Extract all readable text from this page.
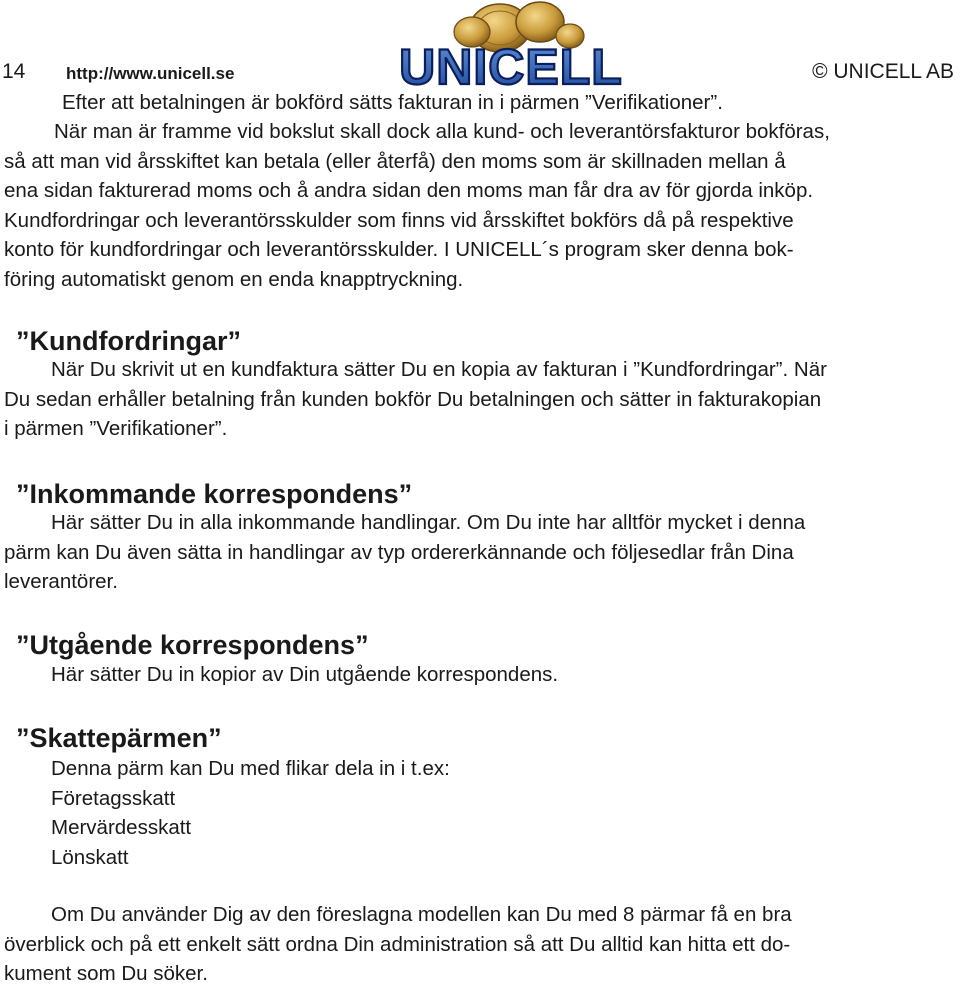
14 http://www.unicell.se	UNICELL	© UNICELL AB
Efter att betalningen är bokförd sätts fakturan in i pärmen ”Verifikationer”.
När man är framme vid bokslut skall dock alla kund- och leverantörsfakturor bokföras,
så att man vid årsskiftet kan betala (eller återfå) den moms som är skillnaden mellan å
ena sidan fakturerad moms och å andra sidan den moms man får dra av för gjorda inköp.
Kundfordringar och leverantörsskulder som finns vid årsskiftet bokförs då på respektive
konto för kundfordringar och leverantörsskulder. I UNICELL´s program sker denna bok-
föring automatiskt genom en enda knapptryckning.
”Kundfordringar”
När Du skrivit ut en kundfaktura sätter Du en kopia av fakturan i ”Kundfordringar”. När
Du sedan erhåller betalning från kunden bokför Du betalningen och sätter in fakturakopian
i pärmen ”Verifikationer”.
”Inkommande korrespondens”
Här sätter Du in alla inkommande handlingar. Om Du inte har alltför mycket i denna
pärm kan Du även sätta in handlingar av typ ordererkännande och följesedlar från Dina
leverantörer.
”Utgående korrespondens”
Här sätter Du in kopior av Din utgående korrespondens.
”Skattepärmen”
Denna pärm kan Du med flikar dela in i t.ex:
Företagsskatt
Mervärdesskatt
Lönskatt
Om Du använder Dig av den föreslagna modellen kan Du med 8 pärmar få en bra
överblick och på ett enkelt sätt ordna Din administration så att Du alltid kan hitta ett do-
kument som Du söker.
